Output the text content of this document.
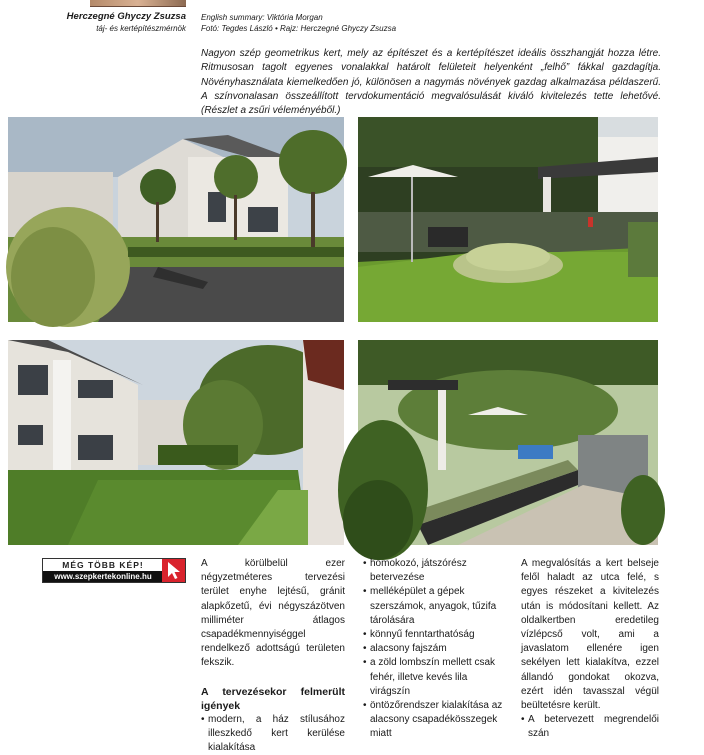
Herczegné Ghyczy Zsuzsa
táj- és kertépítészmérnök
English summary: Viktória Morgan
Fotó: Tegdes László • Rajz: Herczegné Ghyczy Zsuzsa

Nagyon szép geometrikus kert, mely az építészet és a kertépítészet ideális összhangját hozza létre. Ritmusosan tagolt egyenes vonalakkal határolt felületeit helyenként „felhő” fákkal gazdagítja. Növényhasználata kiemelkedően jó, különösen a nagymás növények gazdag alkalmazása példaszerű. A színvonalasan összeállított tervdokumentáció megvalósulását kiváló kivitelezés tette lehetővé. (Részlet a zsűri véleményéből.)

MÉG TÖBB KÉP!
www.szepkertekonline.hu

A körülbelül ezer négyzetméteres tervezési terület enyhe lejtésű, gránit alapkőzetű, évi négyszázötven milliméter átlagos csapadékmennyiséggel rendelkező adottságú területen fekszik.

A tervezésekor felmerült igények
• modern, a ház stílusához illeszkedő kert kerülése kialakítása
• homokozó, játszórész betervezése
• melléképület a gépek szerszámok, anyagok, tűzifa tárolására
• könnyű fenntarthatóság
• alacsony fajszám
• a zöld lombszín mellett csak fehér, illetve kevés lila virágszín
• öntözőrendszer kialakítása az alacsony csapadékösszegek miatt

A megvalósítás a kert belseje felől haladt az utca felé, s egyes részeket a kivitelezés után is módosítani kellett. Az oldalkertben eredetileg vízlépcső volt, ami a javaslatom ellenére igen sekélyen lett kialakítva, ezzel állandó gondokat okozva, ezért idén tavasszal végül beültetésre került.

• A betervezett megrendelői szán
